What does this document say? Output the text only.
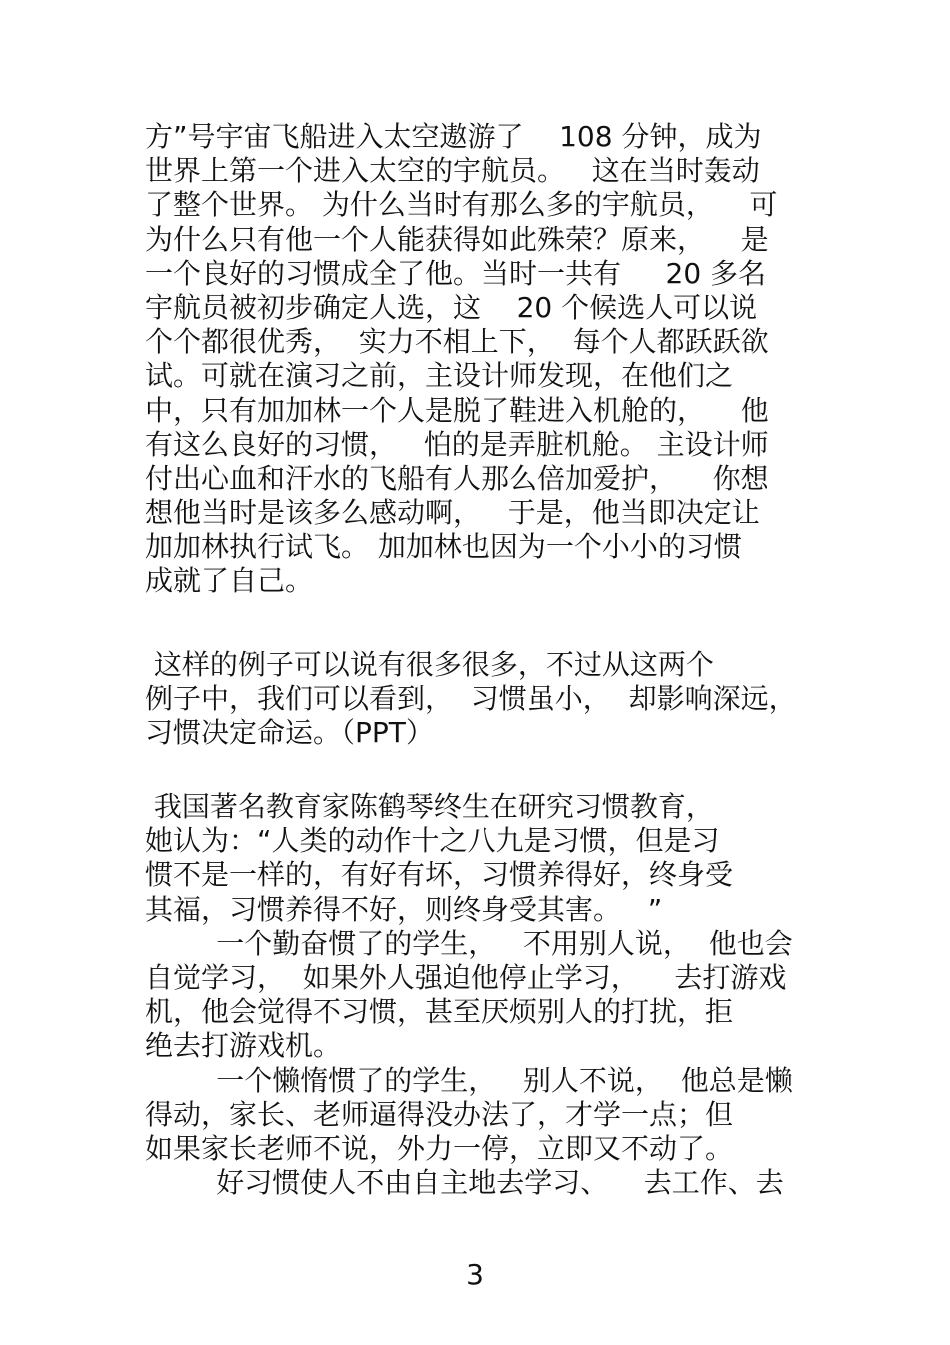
方”号宇宙飞船进入太空遨游了    108 分钟，成为
世界上第一个进入太空的宇航员。   这在当时轰动
了整个世界。 为什么当时有那么多的宇航员，    可
为什么只有他一个人能获得如此殊荣？原来，    是
一个良好的习惯成全了他。当时一共有     20 多名
宇航员被初步确定人选，这    20 个候选人可以说
个个都很优秀，  实力不相上下，  每个人都跃跃欲
试。可就在演习之前，主设计师发现，在他们之
中，只有加加林一个人是脱了鞋进入机舱的，    他
有这么良好的习惯，   怕的是弄脏机舱。 主设计师
付出心血和汗水的飞船有人那么倍加爱护，    你想
想他当时是该多么感动啊，   于是，他当即决定让
加加林执行试飞。 加加林也因为一个小小的习惯
成就了自己。
这样的例子可以说有很多很多，不过从这两个
例子中，我们可以看到，  习惯虽小，  却影响深远，
习惯决定命运。（PPT）
我国著名教育家陈鹤琴终生在研究习惯教育，
她认为：“人类的动作十之八九是习惯，但是习
惯不是一样的，有好有坏，习惯养得好，终身受
其福，习惯养得不好，则终身受其害。   ”
一个勤奋惯了的学生，   不用别人说，  他也会
自觉学习，  如果外人强迫他停止学习，    去打游戏
机，他会觉得不习惯，甚至厌烦别人的打扰，拒
绝去打游戏机。
一个懒惰惯了的学生，   别人不说，  他总是懒
得动，家长、老师逼得没办法了，才学一点；但
如果家长老师不说，外力一停，立即又不动了。
好习惯使人不由自主地去学习、    去工作、去
3
